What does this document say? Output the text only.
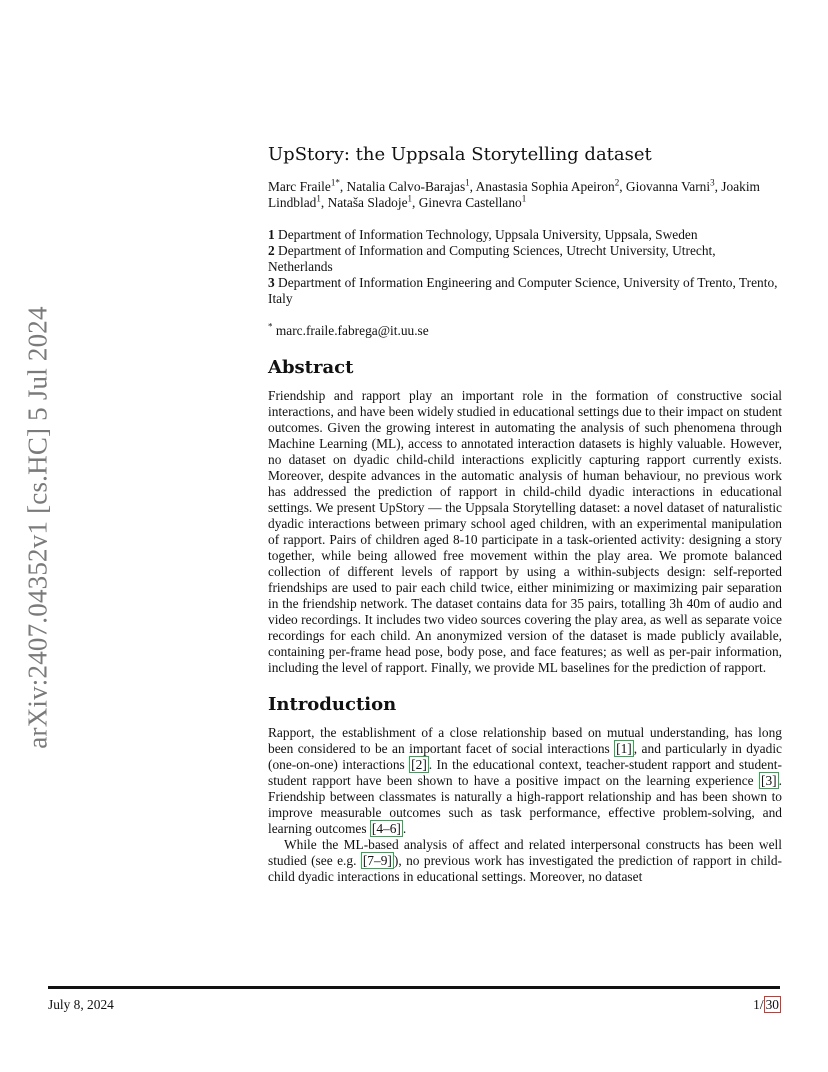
arXiv:2407.04352v1 [cs.HC] 5 Jul 2024
UpStory: the Uppsala Storytelling dataset
Marc Fraile$^{1*}$, Natalia Calvo-Barajas$^1$, Anastasia Sophia Apeiron$^2$, Giovanna Varni$^3$, Joakim Lindblad$^1$, Nataša Sladoje$^1$, Ginevra Castellano$^1$

1 Department of Information Technology, Uppsala University, Uppsala, Sweden

2 Department of Information and Computing Sciences, Utrecht University, Utrecht, Netherlands

3 Department of Information Engineering and Computer Science, University of Trento, Trento, Italy

* marc.fraile.fabrega@it.uu.se
Abstract

Friendship and rapport play an important role in the formation of constructive social interactions, and have been widely studied in educational settings due to their impact on student outcomes. Given the growing interest in automating the analysis of such phenomena through Machine Learning (ML), access to annotated interaction datasets is highly valuable. However, no dataset on dyadic child-child interactions explicitly capturing rapport currently exists. Moreover, despite advances in the automatic analysis of human behaviour, no previous work has addressed the prediction of rapport in child-child dyadic interactions in educational settings. We present UpStory — the Uppsala Storytelling dataset: a novel dataset of naturalistic dyadic interactions between primary school aged children, with an experimental manipulation of rapport. Pairs of children aged 8-10 participate in a task-oriented activity: designing a story together, while being allowed free movement within the play area. We promote balanced collection of different levels of rapport by using a within-subjects design: self-reported friendships are used to pair each child twice, either minimizing or maximizing pair separation in the friendship network. The dataset contains data for 35 pairs, totalling 3h 40m of audio and video recordings. It includes two video sources covering the play area, as well as separate voice recordings for each child. An anonymized version of the dataset is made publicly available, containing per-frame head pose, body pose, and face features; as well as per-pair information, including the level of rapport. Finally, we provide ML baselines for the prediction of rapport.

Introduction

Rapport, the establishment of a close relationship based on mutual understanding, has long been considered to be an important facet of social interactions [1] , and particularly in dyadic (one-on-one) interactions [2] . In the educational context, teacher-student rapport and student-student rapport have been shown to have a positive impact on the learning experience [3] . Friendship between classmates is naturally a high-rapport relationship and has been shown to improve measurable outcomes such as task performance, effective problem-solving, and learning outcomes [4–6] .

While the ML-based analysis of affect and related interpersonal constructs has been well studied (see e.g. [7–9] ), no previous work has investigated the prediction of rapport in child-child dyadic interactions in educational settings. Moreover, no dataset

July 8, 2024	1/ 30
